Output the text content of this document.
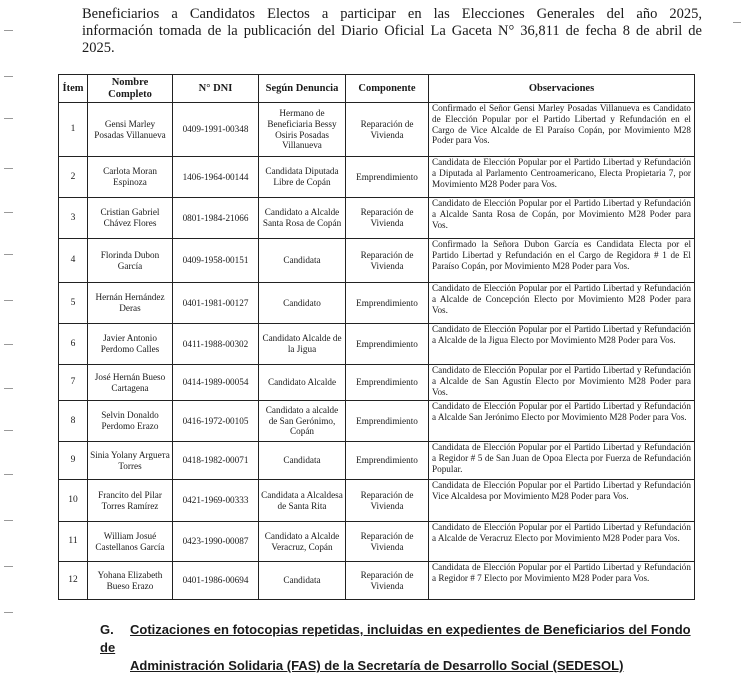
Beneficiarios a Candidatos Electos a participar en las Elecciones Generales del año 2025,

información tomada de la publicación del Diario Oficial La Gaceta N° 36,811 de fecha 8 de abril de

2025.

Ítem	Nombre Completo	N° DNI	Según Denuncia	Componente	Observaciones
1	Gensi Marley Posadas Villanueva	0409-1991-00348	Hermano de Beneficiaria Bessy Osiris Posadas Villanueva	Reparación de Vivienda	Confirmado el Señor Gensi Marley Posadas Villanueva es Candidato de Elección Popular por el Partido Libertad y Refundación en el Cargo de Vice Alcalde de El Paraíso Copán, por Movimiento M28 Poder para Vos.
2	Carlota Moran Espinoza	1406-1964-00144	Candidata Diputada Libre de Copán	Emprendimiento	Candidata de Elección Popular por el Partido Libertad y Refundación a Diputada al Parlamento Centroamericano, Electa Propietaria 7, por Movimiento M28 Poder para Vos.
3	Cristian Gabriel Chávez Flores	0801-1984-21066	Candidato a Alcalde Santa Rosa de Copán	Reparación de Vivienda	Candidato de Elección Popular por el Partido Libertad y Refundación a Alcalde Santa Rosa de Copán, por Movimiento M28 Poder para Vos.
4	Florinda Dubon García	0409-1958-00151	Candidata	Reparación de Vivienda	Confirmado la Señora Dubon García es Candidata Electa por el Partido Libertad y Refundación en el Cargo de Regidora # 1 de El Paraíso Copán, por Movimiento M28 Poder para Vos.
5	Hernán Hernández Deras	0401-1981-00127	Candidato	Emprendimiento	Candidato de Elección Popular por el Partido Libertad y Refundación a Alcalde de Concepción Electo por Movimiento M28 Poder para Vos.
6	Javier Antonio Perdomo Calles	0411-1988-00302	Candidato Alcalde de la Jigua	Emprendimiento	Candidato de Elección Popular por el Partido Libertad y Refundación a Alcalde de la Jigua Electo por Movimiento M28 Poder para Vos.
7	José Hernán Bueso Cartagena	0414-1989-00054	Candidato Alcalde	Emprendimiento	Candidato de Elección Popular por el Partido Libertad y Refundación a Alcalde de San Agustín Electo por Movimiento M28 Poder para Vos.
8	Selvin Donaldo Perdomo Erazo	0416-1972-00105	Candidato a alcalde de San Gerónimo, Copán	Emprendimiento	Candidato de Elección Popular por el Partido Libertad y Refundación a Alcalde San Jerónimo Electo por Movimiento M28 Poder para Vos.
9	Sinia Yolany Arguета Torres	0418-1982-00071	Candidata	Emprendimiento	Candidata de Elección Popular por el Partido Libertad y Refundación a Regidor # 5 de San Juan de Opoa Electa por Fuerza de Refundación Popular.
10	Francito del Pilar Torres Ramírez	0421-1969-00333	Candidata a Alcaldesa de Santa Rita	Reparación de Vivienda	Candidata de Elección Popular por el Partido Libertad y Refundación Vice Alcaldesa por Movimiento M28 Poder para Vos.
11	William Josué Castellanos García	0423-1990-00087	Candidato a Alcalde Veracruz, Copán	Reparación de Vivienda	Candidato de Elección Popular por el Partido Libertad y Refundación a Alcalde de Veracruz Electo por Movimiento M28 Poder para Vos.
12	Yohana Elizabeth Bueso Erazo	0401-1986-00694	Candidata	Reparación de Vivienda	Candidata de Elección Popular por el Partido Libertad y Refundación a Regidor # 7 Electo por Movimiento M28 Poder para Vos.
G. Cotizaciones en fotocopias repetidas, incluidas en expedientes de Beneficiarios del Fondo de
Administración Solidaria (FAS) de la Secretaría de Desarrollo Social (SEDESOL)
